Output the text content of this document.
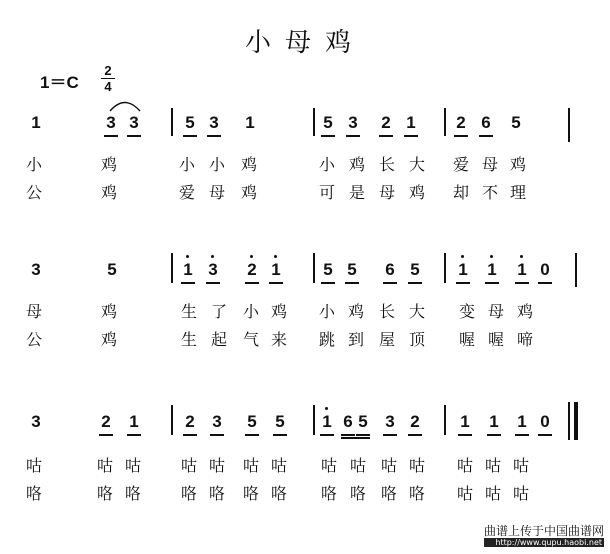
小母鸡
1＝C
2
4
1	3 3	5 3	1	5 3	2 1	2 6	5
小	鸡	小 小 鸡	小 鸡 长 大 爱 母 鸡
公	鸡	爱 母 鸡	可 是 母 鸡 却 不 理
3	5	1 3	2 1	5 5	6 5	1	1	1 0
母	鸡	生 了 小 鸡 小 鸡 长 大 变 母 鸡
公	鸡	生 起 气 来 跳 到 屋 顶 喔 喔 啼
3	2	1	2	3	5	5	1 6 5	3 2	1	1	1 0
咕	咕 咕 咕 咕 咕 咕 咕 咕 咕 咕 咕 咕 咕
咯	咯 咯 咯 咯 咯 咯 咯 咯 咯 咯 咕 咕 咕
曲谱上传于中国曲谱网
http://www.qupu.haobi.net
